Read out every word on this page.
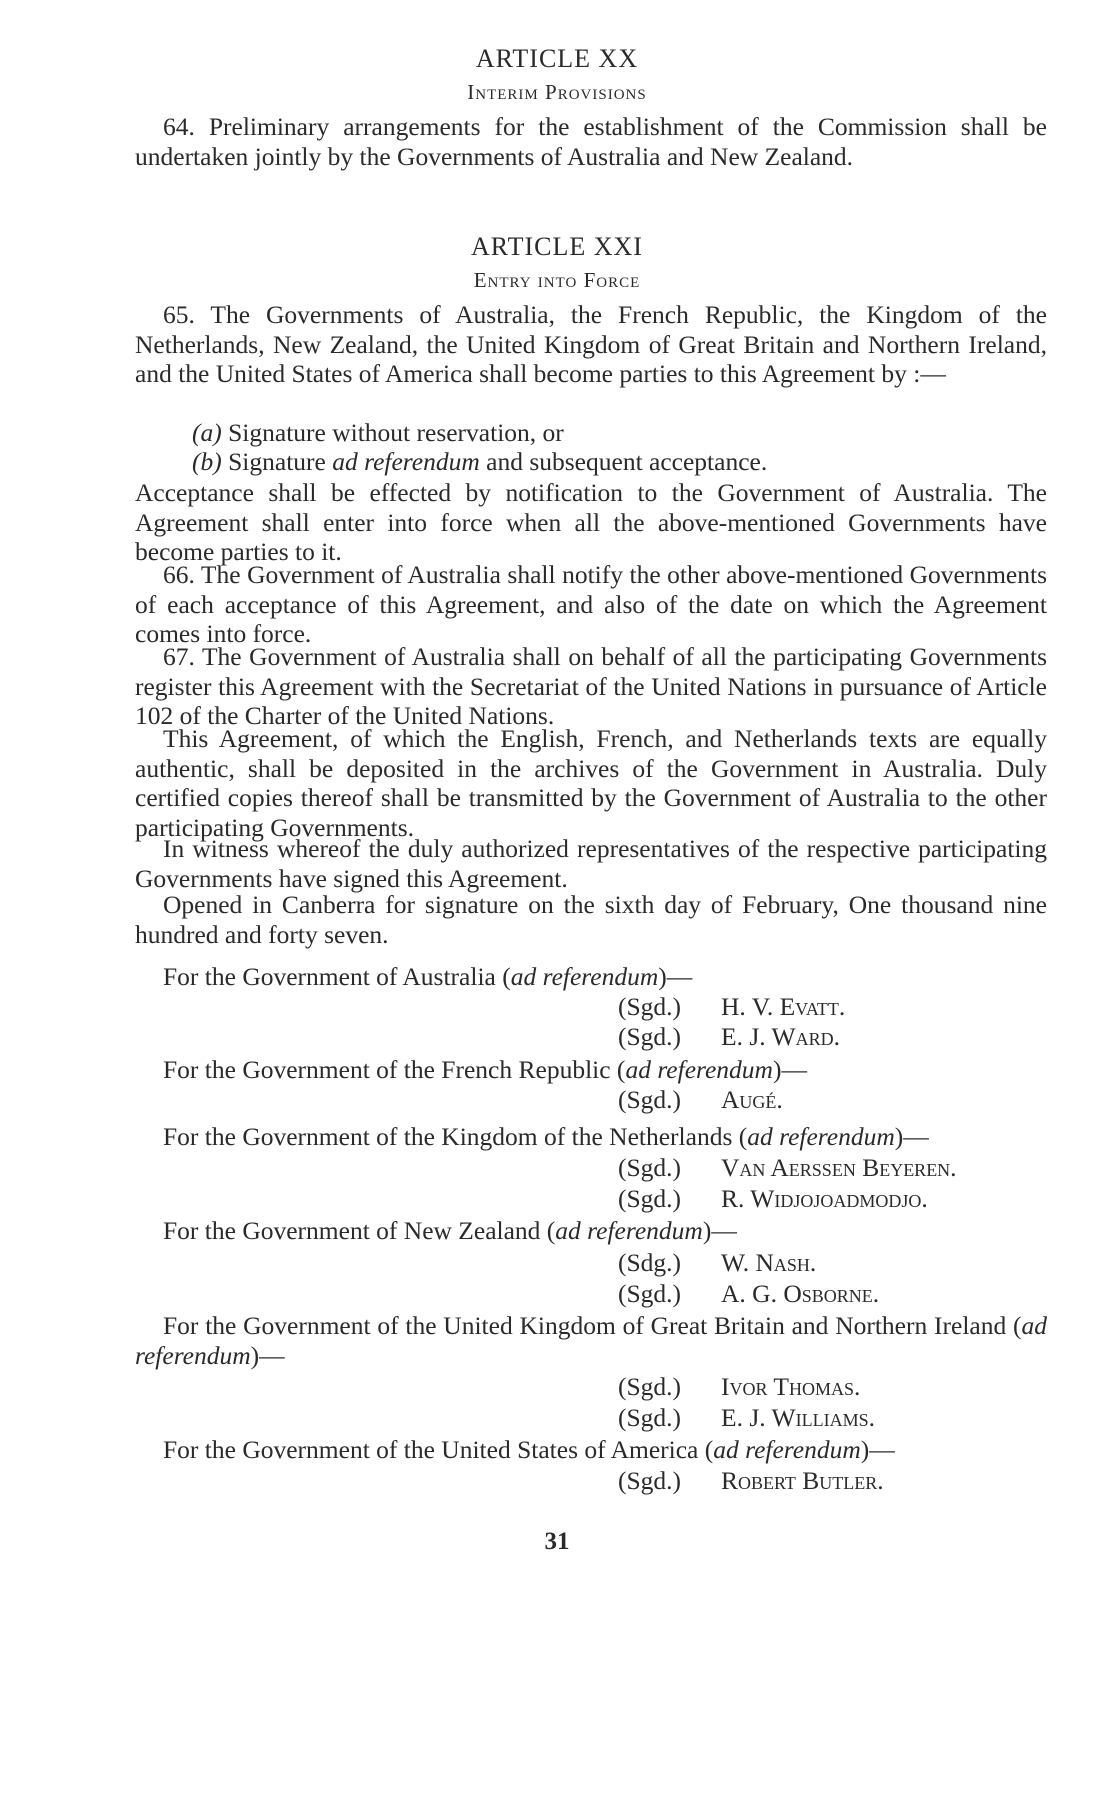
ARTICLE XX
Interim Provisions
64. Preliminary arrangements for the establishment of the Commission shall be undertaken jointly by the Governments of Australia and New Zealand.
ARTICLE XXI
Entry into Force
65. The Governments of Australia, the French Republic, the Kingdom of the Netherlands, New Zealand, the United Kingdom of Great Britain and Northern Ireland, and the United States of America shall become parties to this Agreement by :—
(a) Signature without reservation, or
(b) Signature ad referendum and subsequent acceptance.
Acceptance shall be effected by notification to the Government of Australia. The Agreement shall enter into force when all the above-mentioned Governments have become parties to it.
66. The Government of Australia shall notify the other above-mentioned Governments of each acceptance of this Agreement, and also of the date on which the Agreement comes into force.
67. The Government of Australia shall on behalf of all the participating Governments register this Agreement with the Secretariat of the United Nations in pursuance of Article 102 of the Charter of the United Nations.
This Agreement, of which the English, French, and Netherlands texts are equally authentic, shall be deposited in the archives of the Government in Australia. Duly certified copies thereof shall be transmitted by the Government of Australia to the other participating Governments.
In witness whereof the duly authorized representatives of the respective participating Governments have signed this Agreement.
Opened in Canberra for signature on the sixth day of February, One thousand nine hundred and forty seven.
For the Government of Australia (ad referendum)—
(Sgd.) H. V. Evatt.
(Sgd.) E. J. Ward.
For the Government of the French Republic (ad referendum)—
(Sgd.) Augé.
For the Government of the Kingdom of the Netherlands (ad referendum)—
(Sgd.) Van Aerssen Beyeren.
(Sgd.) R. Widjojoadmodjo.
For the Government of New Zealand (ad referendum)—
(Sdg.) W. Nash.
(Sgd.) A. G. Osborne.
For the Government of the United Kingdom of Great Britain and Northern Ireland (ad referendum)—
(Sgd.) Ivor Thomas.
(Sgd.) E. J. Williams.
For the Government of the United States of America (ad referendum)—
(Sgd.) Robert Butler.
31
